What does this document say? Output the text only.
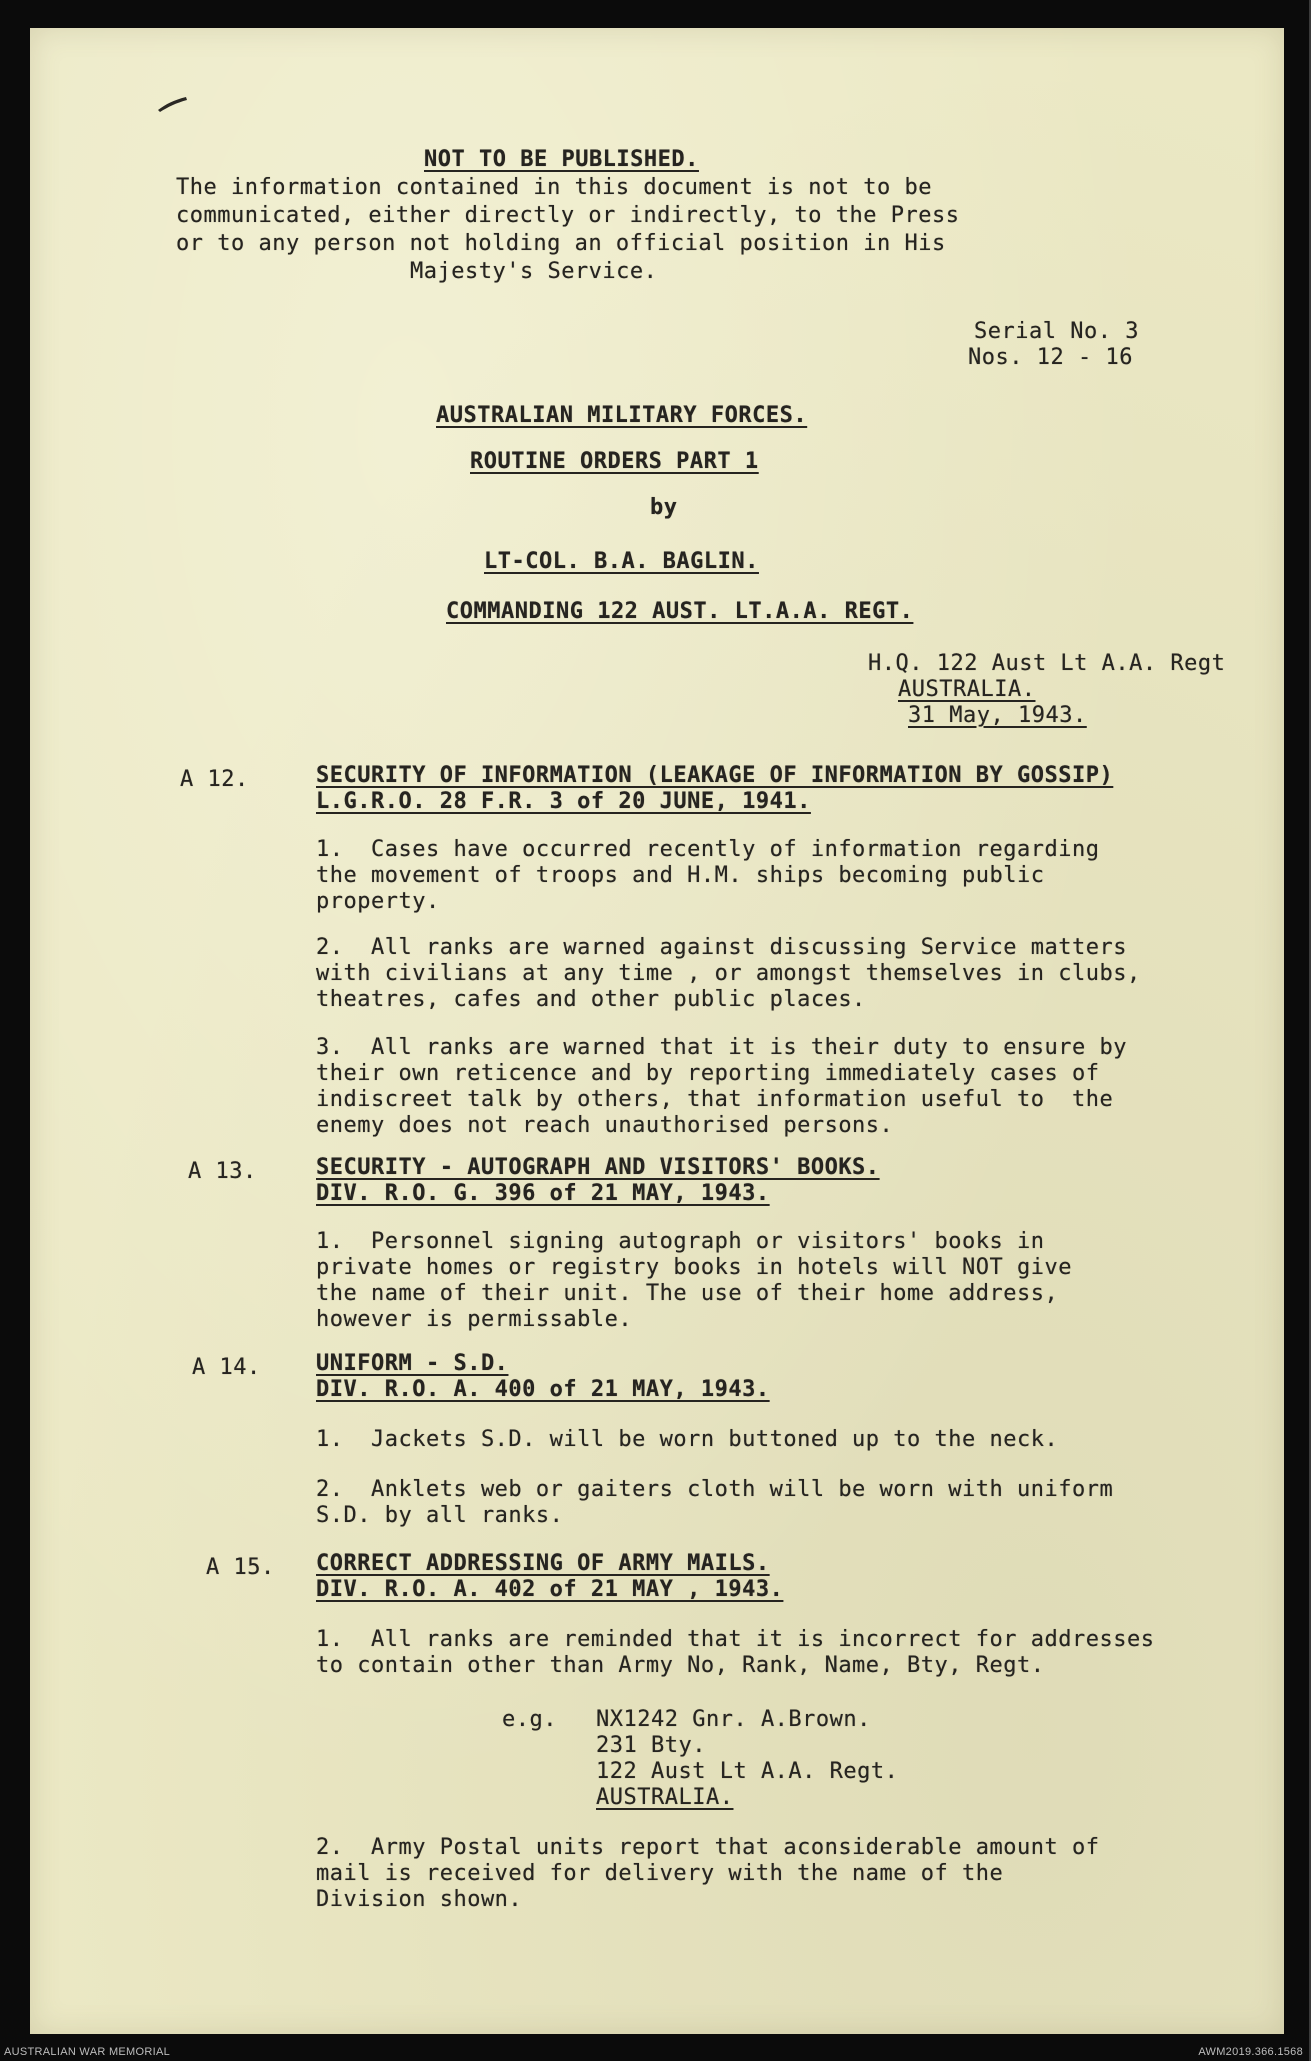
NOT TO BE PUBLISHED.
The information contained in this document is not to be
communicated, either directly or indirectly, to the Press
or to any person not holding an official position in His
Majesty's Service.
Serial No. 3
Nos. 12 - 16
AUSTRALIAN MILITARY FORCES.
ROUTINE ORDERS PART 1
by
LT-COL. B.A. BAGLIN.
COMMANDING 122 AUST. LT.A.A. REGT.
H.Q. 122 Aust Lt A.A. Regt
AUSTRALIA.
31 May, 1943.
A 12.	SECURITY OF INFORMATION (LEAKAGE OF INFORMATION BY GOSSIP)
L.G.R.O. 28 F.R. 3 of 20 JUNE, 1941.
1.  Cases have occurred recently of information regarding
the movement of troops and H.M. ships becoming public
property.
2.  All ranks are warned against discussing Service matters
with civilians at any time , or amongst themselves in clubs,
theatres, cafes and other public places.
3.  All ranks are warned that it is their duty to ensure by
their own reticence and by reporting immediately cases of
indiscreet talk by others, that information useful to  the
enemy does not reach unauthorised persons.
A 13.	SECURITY - AUTOGRAPH AND VISITORS' BOOKS.
DIV. R.O. G. 396 of 21 MAY, 1943.
1.  Personnel signing autograph or visitors' books in
private homes or registry books in hotels will NOT give
the name of their unit. The use of their home address,
however is permissable.
A 14.	UNIFORM - S.D.
DIV. R.O. A. 400 of 21 MAY, 1943.
1.  Jackets S.D. will be worn buttoned up to the neck.
2.  Anklets web or gaiters cloth will be worn with uniform
S.D. by all ranks.
A 15. CORRECT ADDRESSING OF ARMY MAILS.
DIV. R.O. A. 402 of 21 MAY , 1943.
1.  All ranks are reminded that it is incorrect for addresses
to contain other than Army No, Rank, Name, Bty, Regt.
e.g. NX1242 Gnr. A.Brown.
231 Bty.
122 Aust Lt A.A. Regt.
AUSTRALIA.
2.  Army Postal units report that aconsiderable amount of
mail is received for delivery with the name of the
Division shown.
AUSTRALIAN WAR MEMORIAL	AWM2019.366.1568
